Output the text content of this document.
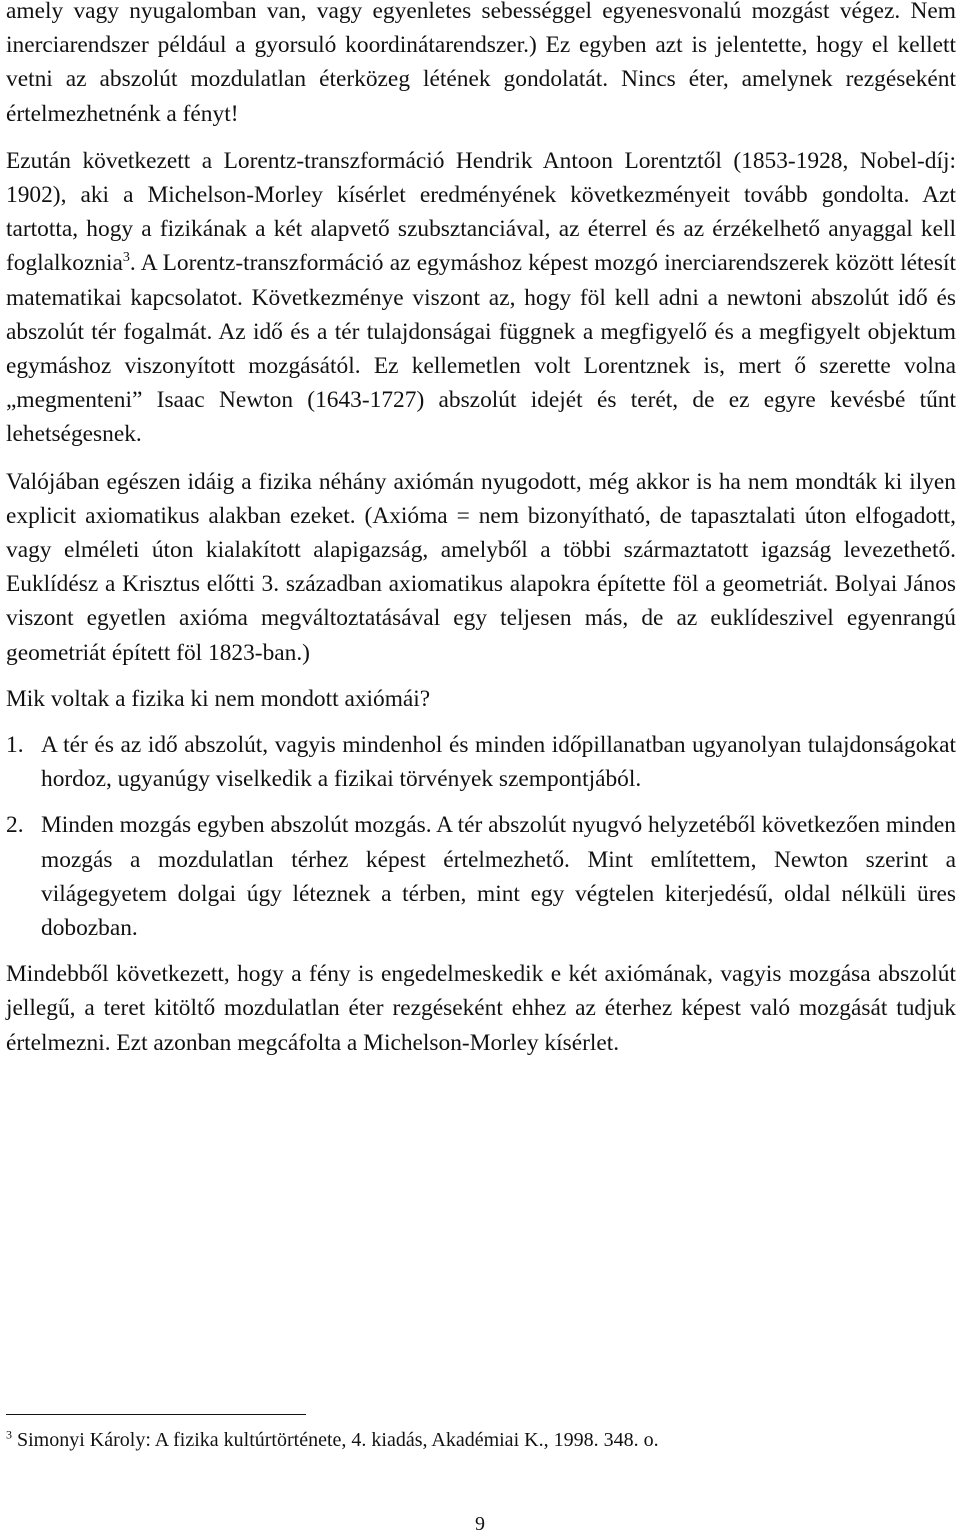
amely vagy nyugalomban van, vagy egyenletes sebességgel egyenesvonalú mozgást végez. Nem inerciarendszer például a gyorsuló koordinátarendszer.) Ez egyben azt is jelentette, hogy el kellett vetni az abszolút mozdulatlan éterközeg létének gondolatát. Nincs éter, amelynek rezgéseként értelmezhetnénk a fényt!

Ezután következett a Lorentz-transzformáció Hendrik Antoon Lorentztől (1853-1928, Nobel-díj: 1902), aki a Michelson-Morley kísérlet eredményének következményeit tovább gondolta. Azt tartotta, hogy a fizikának a két alapvető szubsztanciával, az éterrel és az érzékelhető anyaggal kell foglalkoznia$^3$. A Lorentz-transzformáció az egymáshoz képest mozgó inerciarendszerek között létesít matematikai kapcsolatot. Következménye viszont az, hogy föl kell adni a newtoni abszolút idő és abszolút tér fogalmát. Az idő és a tér tulajdonságai függnek a megfigyelő és a megfigyelt objektum egymáshoz viszonyított mozgásától. Ez kellemetlen volt Lorentznek is, mert ő szerette volna „megmenteni” Isaac Newton (1643-1727) abszolút idejét és terét, de ez egyre kevésbé tűnt lehetségesnek.

Valójában egészen idáig a fizika néhány axiómán nyugodott, még akkor is ha nem mondták ki ilyen explicit axiomatikus alakban ezeket. (Axióma = nem bizonyítható, de tapasztalati úton elfogadott, vagy elméleti úton kialakított alapigazság, amelyből a többi származtatott igazság levezethető. Euklídész a Krisztus előtti 3. században axiomatikus alapokra építette föl a geometriát. Bolyai János viszont egyetlen axióma megváltoztatásával egy teljesen más, de az euklídeszivel egyenrangú geometriát épített föl 1823-ban.)

Mik voltak a fizika ki nem mondott axiómái?

1. A tér és az idő abszolút, vagyis mindenhol és minden időpillanatban ugyanolyan tulajdonságokat hordoz, ugyanúgy viselkedik a fizikai törvények szempontjából.
2. Minden mozgás egyben abszolút mozgás. A tér abszolút nyugvó helyzetéből következően minden mozgás a mozdulatlan térhez képest értelmezhető. Mint említettem, Newton szerint a világegyetem dolgai úgy léteznek a térben, mint egy végtelen kiterjedésű, oldal nélküli üres dobozban.

Mindebből következett, hogy a fény is engedelmeskedik e két axiómának, vagyis mozgása abszolút jellegű, a teret kitöltő mozdulatlan éter rezgéseként ehhez az éterhez képest való mozgását tudjuk értelmezni. Ezt azonban megcáfolta a Michelson-Morley kísérlet.

$^3$ Simonyi Károly: A fizika kultúrtörténete, 4. kiadás, Akadémiai K., 1998. 348. o.
9
